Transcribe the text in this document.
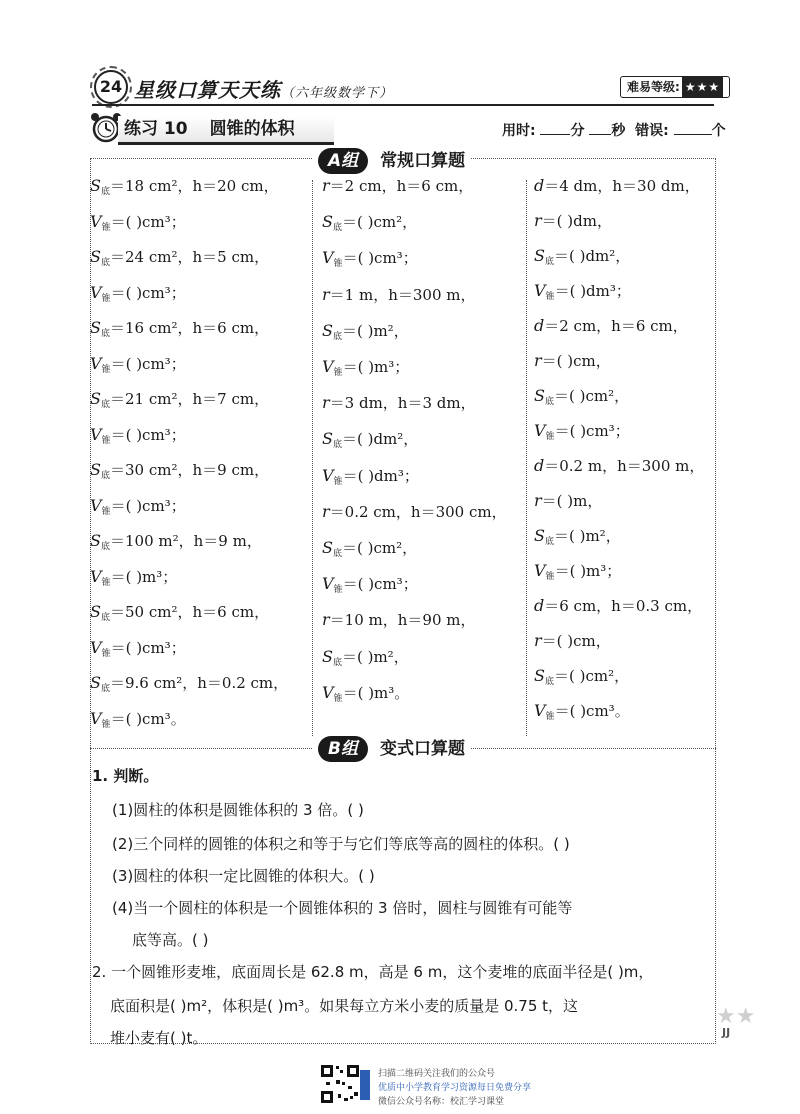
24 星级口算天天练（六年级数学下）	难易等级: ★★★
练习 10 圆锥的体积	用时: 分 秒 错误:	个
A组 常规口算题
$S_底=18$ cm²，h＝20 cm，
$V_锥=$( )cm³；
$S_底=24$ cm²，h＝5 cm，
$V_锥=$( )cm³；
$S_底=16$ cm²，h＝6 cm，
$V_锥=$( )cm³；
$S_底=21$ cm²，h＝7 cm，
$V_锥=$( )cm³；
$S_底=30$ cm²，h＝9 cm，
$V_锥=$( )cm³；
$S_底=100$ m²，h＝9 m，
$V_锥=$( )m³；
$S_底=50$ cm²，h＝6 cm，
$V_锥=$( )cm³；
$S_底=9.6$ cm²，h＝0.2 cm，
$V_锥=$( )cm³。
r＝2 cm，h＝6 cm，
$S_底=$( )cm²，
$V_锥=$( )cm³；
r＝1 m，h＝300 m，
$S_底=$( )m²，
$V_锥=$( )m³；
r＝3 dm，h＝3 dm，
$S_底=$( )dm²，
$V_锥=$( )dm³；
r＝0.2 cm，h＝300 cm，
$S_底=$( )cm²，
$V_锥=$( )cm³；
r＝10 m，h＝90 m，
$S_底=$( )m²，
$V_锥=$( )m³。
d＝4 dm，h＝30 dm，
r＝( )dm，
$S_底=$( )dm²，
$V_锥=$( )dm³；
d＝2 cm，h＝6 cm，
r＝( )cm，
$S_底=$( )cm²，
$V_锥=$( )cm³；
d＝0.2 m，h＝300 m，
r＝( )m，
$S_底=$( )m²，
$V_锥=$( )m³；
d＝6 cm，h＝0.3 cm，
r＝( )cm，
$S_底=$( )cm²，
$V_锥=$( )cm³。
B组 变式口算题
1. 判断。
(1)圆柱的体积是圆锥体积的 3 倍。( )
(2)三个同样的圆锥的体积之和等于与它们等底等高的圆柱的体积。( )
(3)圆柱的体积一定比圆锥的体积大。( )
(4)当一个圆柱的体积是一个圆锥体积的 3 倍时，圆柱与圆锥有可能等
底等高。( )
2. 一个圆锥形麦堆，底面周长是 62.8 m，高是 6 m，这个麦堆的底面半径是( )m，
底面积是( )m²，体积是( )m³。如果每立方米小麦的质量是 0.75 t，这
堆小麦有( )t。
★★
JJ
扫描二维码关注我们的公众号
优质中小学教育学习资源每日免费分享
微信公众号名称：校汇学习课堂
